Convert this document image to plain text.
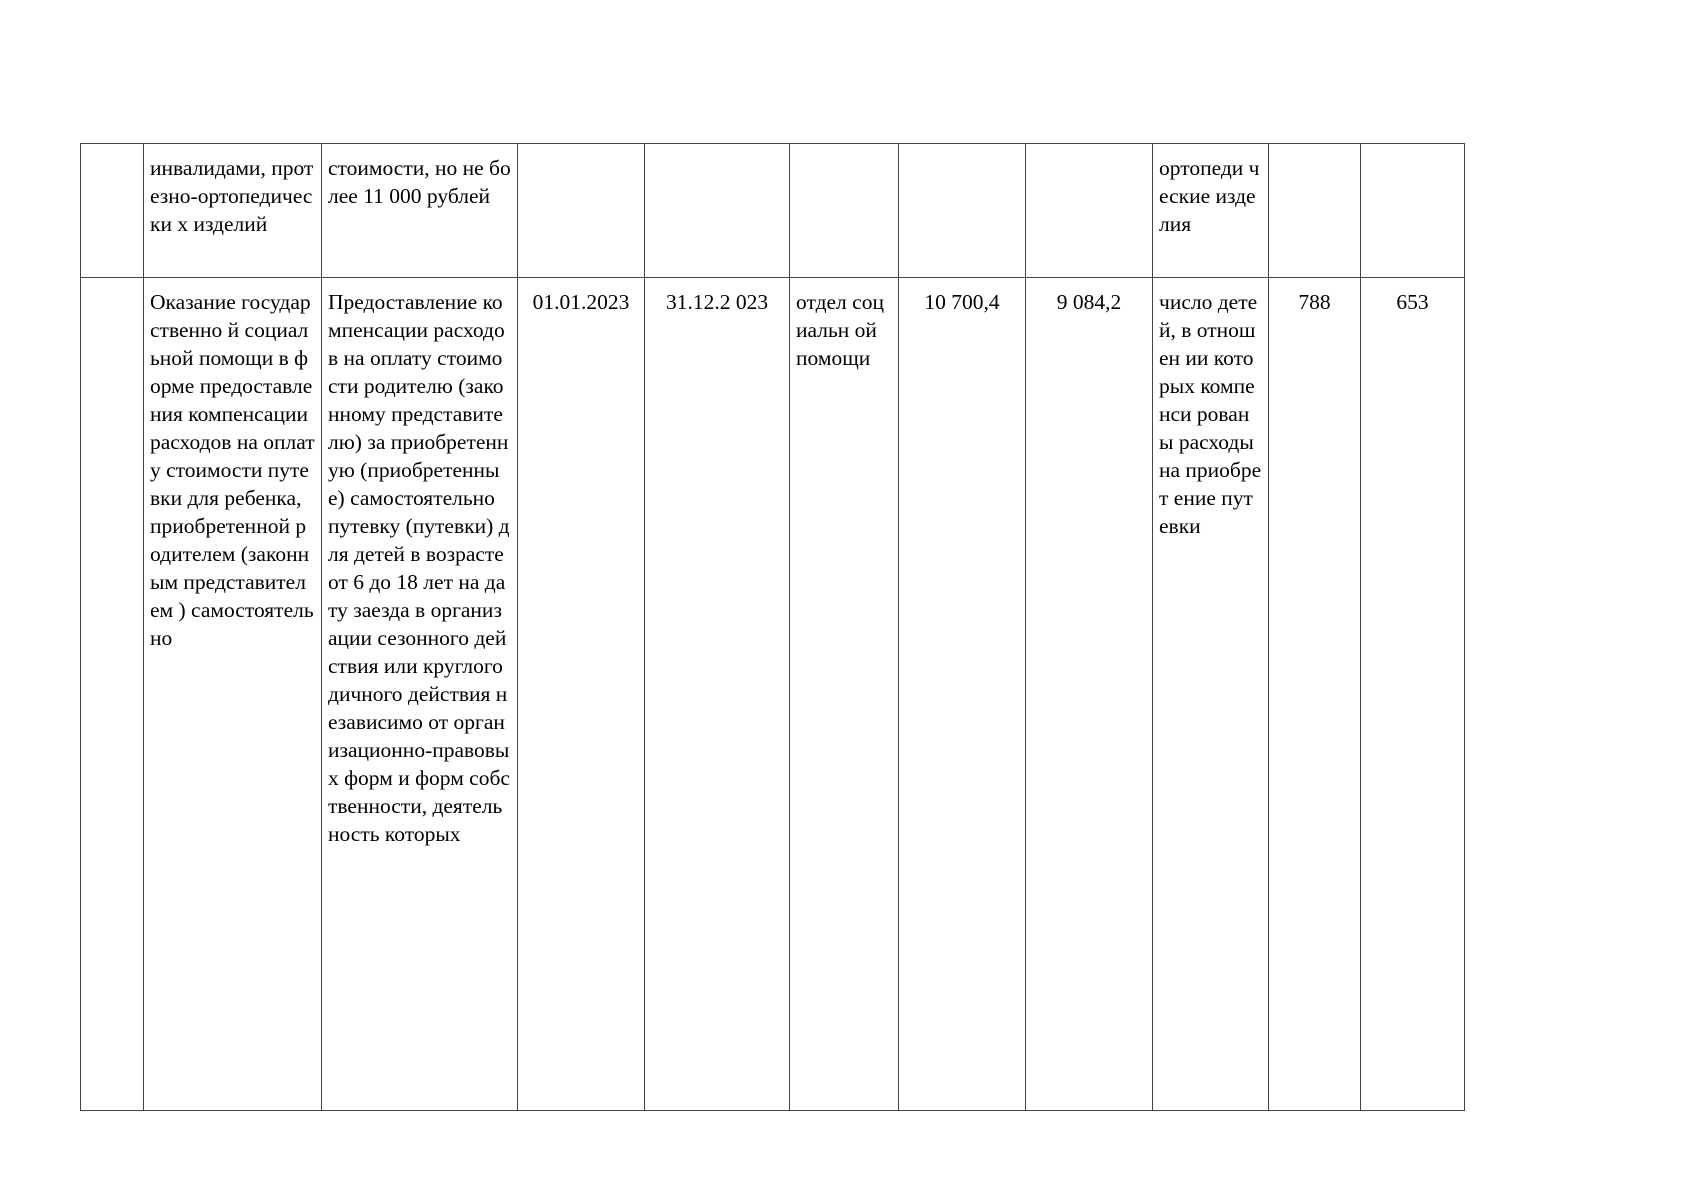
	инвалидами, протезно-ортопедически х изделий	стоимости, но не более 11 000 рублей						ортопеди ческие изделия		
	Оказание государственно й социальной помощи в форме предоставления компенсации расходов на оплату стоимости путевки для ребенка, приобретенной родителем (законным представителем ) самостоятельно	Предоставление компенсации расходов на оплату стоимости родителю (законному представителю) за приобретенную (приобретенные) самостоятельно путевку (путевки) для детей в возрасте от 6 до 18 лет на дату заезда в организации сезонного действия или круглогодичного действия независимо от организационно-правовых форм и форм собственности, деятельность которых	01.01.2023	31.12.2 023	отдел социальн ой помощи	10 700,4	9 084,2	число детей, в отношен ии которых компенси рованы расходы на приобрет ение путевки	788	653
